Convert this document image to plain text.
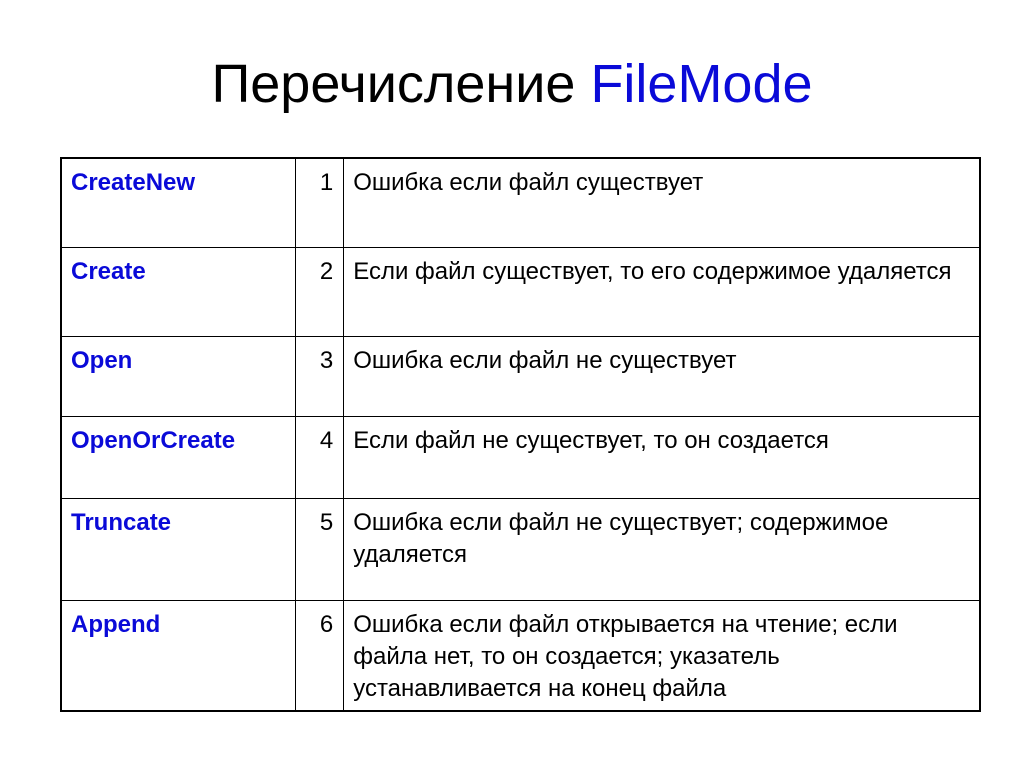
Перечисление FileMode
CreateNew	1	Ошибка если файл существует
Create	2	Если файл существует, то его содержимое удаляется
Open	3	Ошибка если файл не существует
OpenOrCreate	4	Если файл не существует, то он создается
Truncate	5	Ошибка если файл не существует; содержимое удаляется
Append	6	Ошибка если файл открывается на чтение; если файла нет, то он создается; указатель устанавливается на конец файла
